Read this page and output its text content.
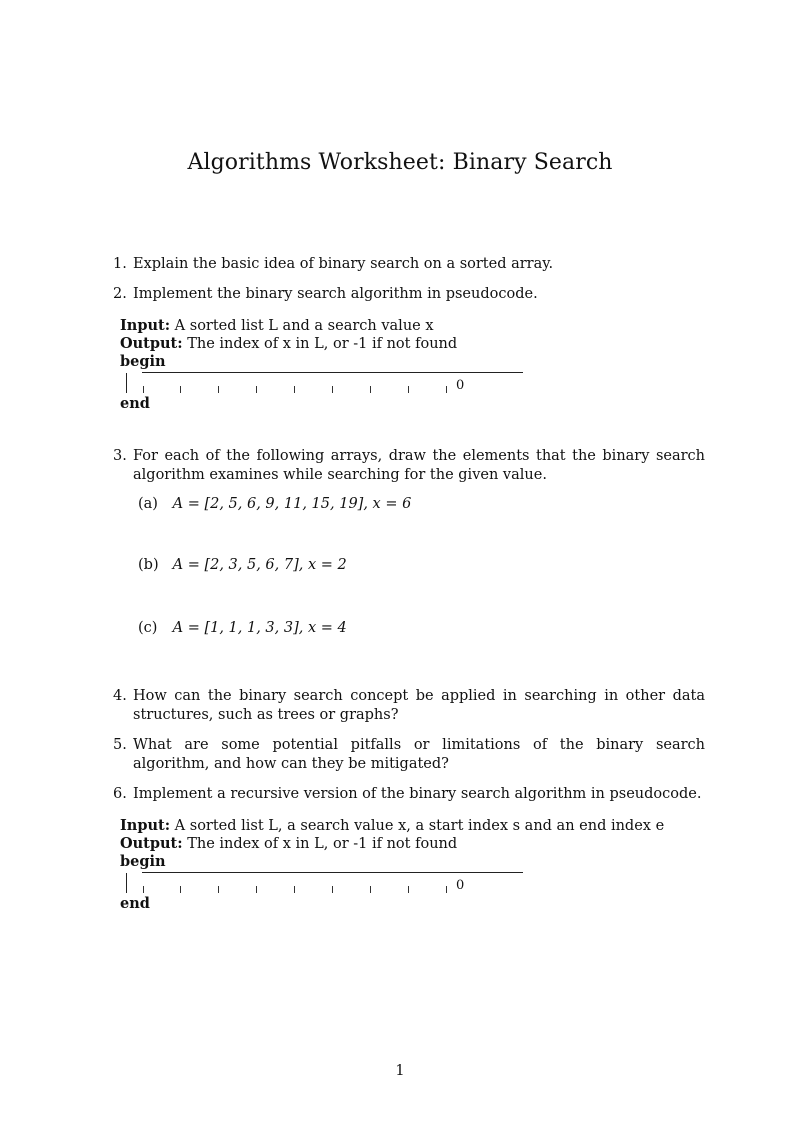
Algorithms Worksheet: Binary Search
1. Explain the basic idea of binary search on a sorted array.
2. Implement the binary search algorithm in pseudocode.
Input: A sorted list L and a search value x
Output: The index of x in L, or -1 if not found
begin
0
end
3. For each of the following arrays, draw the elements that the binary search algorithm examines while searching for the given value.
(a) A = [2, 5, 6, 9, 11, 15, 19], x = 6
(b) A = [2, 3, 5, 6, 7], x = 2
(c) A = [1, 1, 1, 3, 3], x = 4
4. How can the binary search concept be applied in searching in other data structures, such as trees or graphs?
5. What are some potential pitfalls or limitations of the binary search algorithm, and how can they be mitigated?
6. Implement a recursive version of the binary search algorithm in pseudocode.
Input: A sorted list L, a search value x, a start index s and an end index e
Output: The index of x in L, or -1 if not found
begin
0
end
1
